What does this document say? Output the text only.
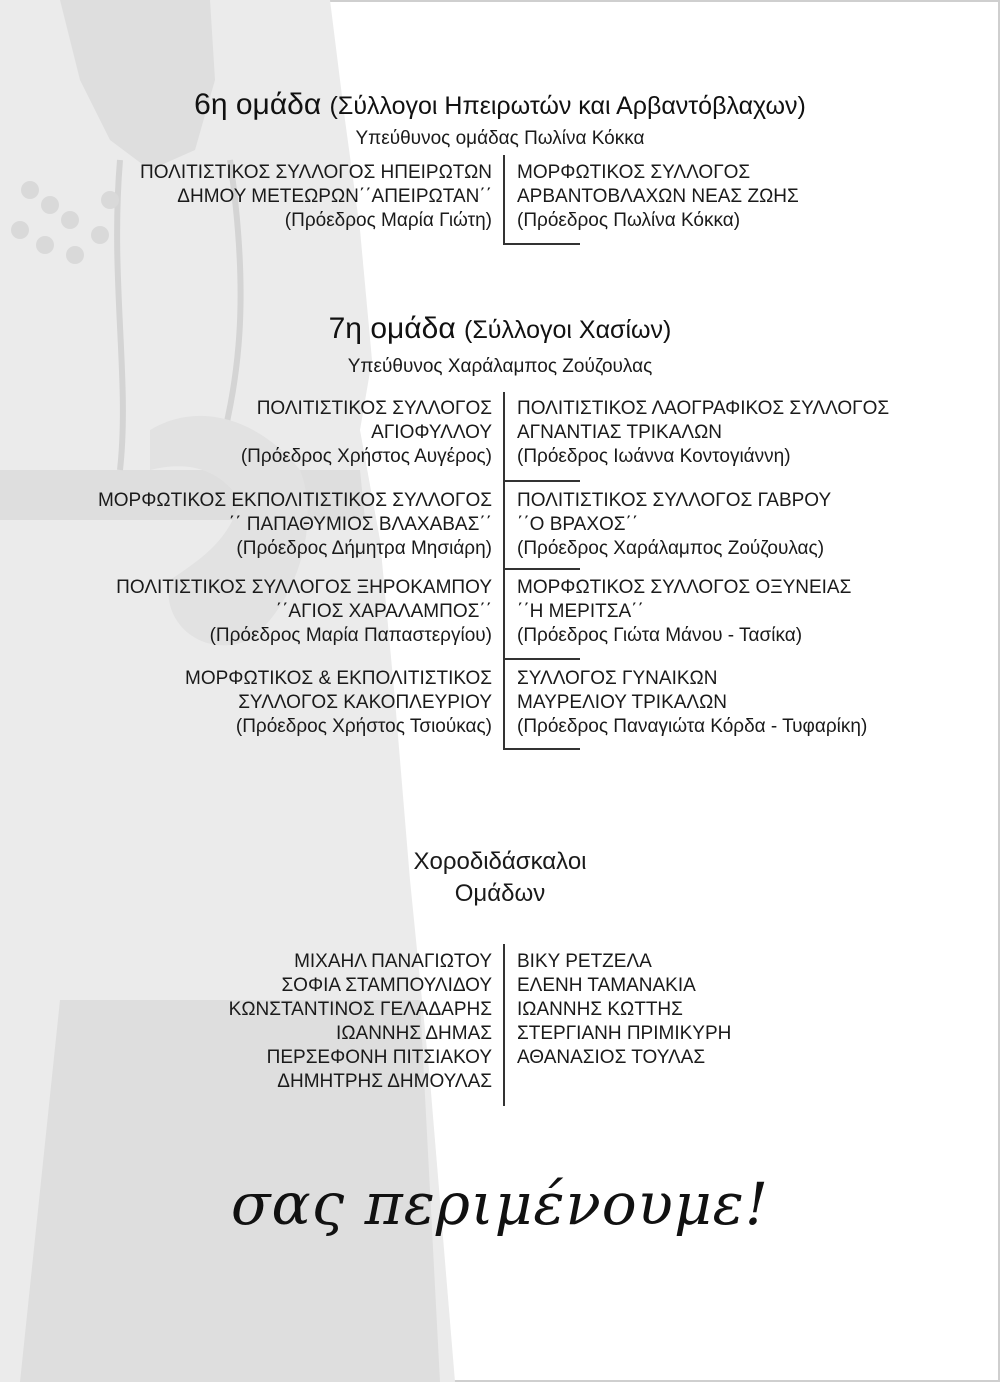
6η ομάδα (Σύλλογοι Ηπειρωτών και Αρβαντόβλαχων)
Υπεύθυνος ομάδας Πωλίνα Κόκκα
ΠΟΛΙΤΙΣΤΙΚΟΣ ΣΥΛΛΟΓΟΣ ΗΠΕΙΡΩΤΩΝ
ΔΗΜΟΥ ΜΕΤΕΩΡΩΝ΄΄ΑΠΕΙΡΩΤΑΝ΄΄
(Πρόεδρος Μαρία Γιώτη)
ΜΟΡΦΩΤΙΚΟΣ ΣΥΛΛΟΓΟΣ
ΑΡΒΑΝΤΟΒΛΑΧΩΝ ΝΕΑΣ ΖΩΗΣ
(Πρόεδρος Πωλίνα Κόκκα)
7η ομάδα (Σύλλογοι Χασίων)
Υπεύθυνος Χαράλαμπος Ζούζουλας
ΠΟΛΙΤΙΣΤΙΚΟΣ ΣΥΛΛΟΓΟΣ
ΑΓΙΟΦΥΛΛΟΥ
(Πρόεδρος Χρήστος Αυγέρος)
ΠΟΛΙΤΙΣΤΙΚΟΣ ΛΑΟΓΡΑΦΙΚΟΣ ΣΥΛΛΟΓΟΣ
ΑΓΝΑΝΤΙΑΣ ΤΡΙΚΑΛΩΝ
(Πρόεδρος Ιωάννα Κοντογιάννη)
ΜΟΡΦΩΤΙΚΟΣ ΕΚΠΟΛΙΤΙΣΤΙΚΟΣ ΣΥΛΛΟΓΟΣ
΄΄ ΠΑΠΑΘΥΜΙΟΣ ΒΛΑΧΑΒΑΣ΄΄
(Πρόεδρος Δήμητρα Μησιάρη)
ΠΟΛΙΤΙΣΤΙΚΟΣ ΣΥΛΛΟΓΟΣ ΓΑΒΡΟΥ
΄΄Ο ΒΡΑΧΟΣ΄΄
(Πρόεδρος Χαράλαμπος Ζούζουλας)
ΠΟΛΙΤΙΣΤΙΚΟΣ ΣΥΛΛΟΓΟΣ ΞΗΡΟΚΑΜΠΟΥ
΄΄ΑΓΙΟΣ ΧΑΡΑΛΑΜΠΟΣ΄΄
(Πρόεδρος Μαρία Παπαστεργίου)
ΜΟΡΦΩΤΙΚΟΣ ΣΥΛΛΟΓΟΣ ΟΞΥΝΕΙΑΣ
΄΄Η ΜΕΡΙΤΣΑ΄΄
(Πρόεδρος Γιώτα Μάνου - Τασίκα)
ΜΟΡΦΩΤΙΚΟΣ & ΕΚΠΟΛΙΤΙΣΤΙΚΟΣ
ΣΥΛΛΟΓΟΣ ΚΑΚΟΠΛΕΥΡΙΟΥ
(Πρόεδρος Χρήστος Τσιούκας)
ΣΥΛΛΟΓΟΣ ΓΥΝΑΙΚΩΝ
ΜΑΥΡΕΛΙΟΥ ΤΡΙΚΑΛΩΝ
(Πρόεδρος Παναγιώτα Κόρδα - Τυφαρίκη)
Χοροδιδάσκαλοι
Ομάδων
ΜΙΧΑΗΛ ΠΑΝΑΓΙΩΤΟΥ
ΣΟΦΙΑ ΣΤΑΜΠΟΥΛΙΔΟΥ
ΚΩΝΣΤΑΝΤΙΝΟΣ ΓΕΛΑΔΑΡΗΣ
ΙΩΑΝΝΗΣ ΔΗΜΑΣ
ΠΕΡΣΕΦΟΝΗ ΠΙΤΣΙΑΚΟΥ
ΔΗΜΗΤΡΗΣ ΔΗΜΟΥΛΑΣ
ΒΙΚΥ ΡΕΤΖΕΛΑ
ΕΛΕΝΗ ΤΑΜΑΝΑΚΙΑ
ΙΩΑΝΝΗΣ ΚΩΤΤΗΣ
ΣΤΕΡΓΙΑΝΗ ΠΡΙΜΙΚΥΡΗ
ΑΘΑΝΑΣΙΟΣ ΤΟΥΛΑΣ
σας περιμένουμε!
